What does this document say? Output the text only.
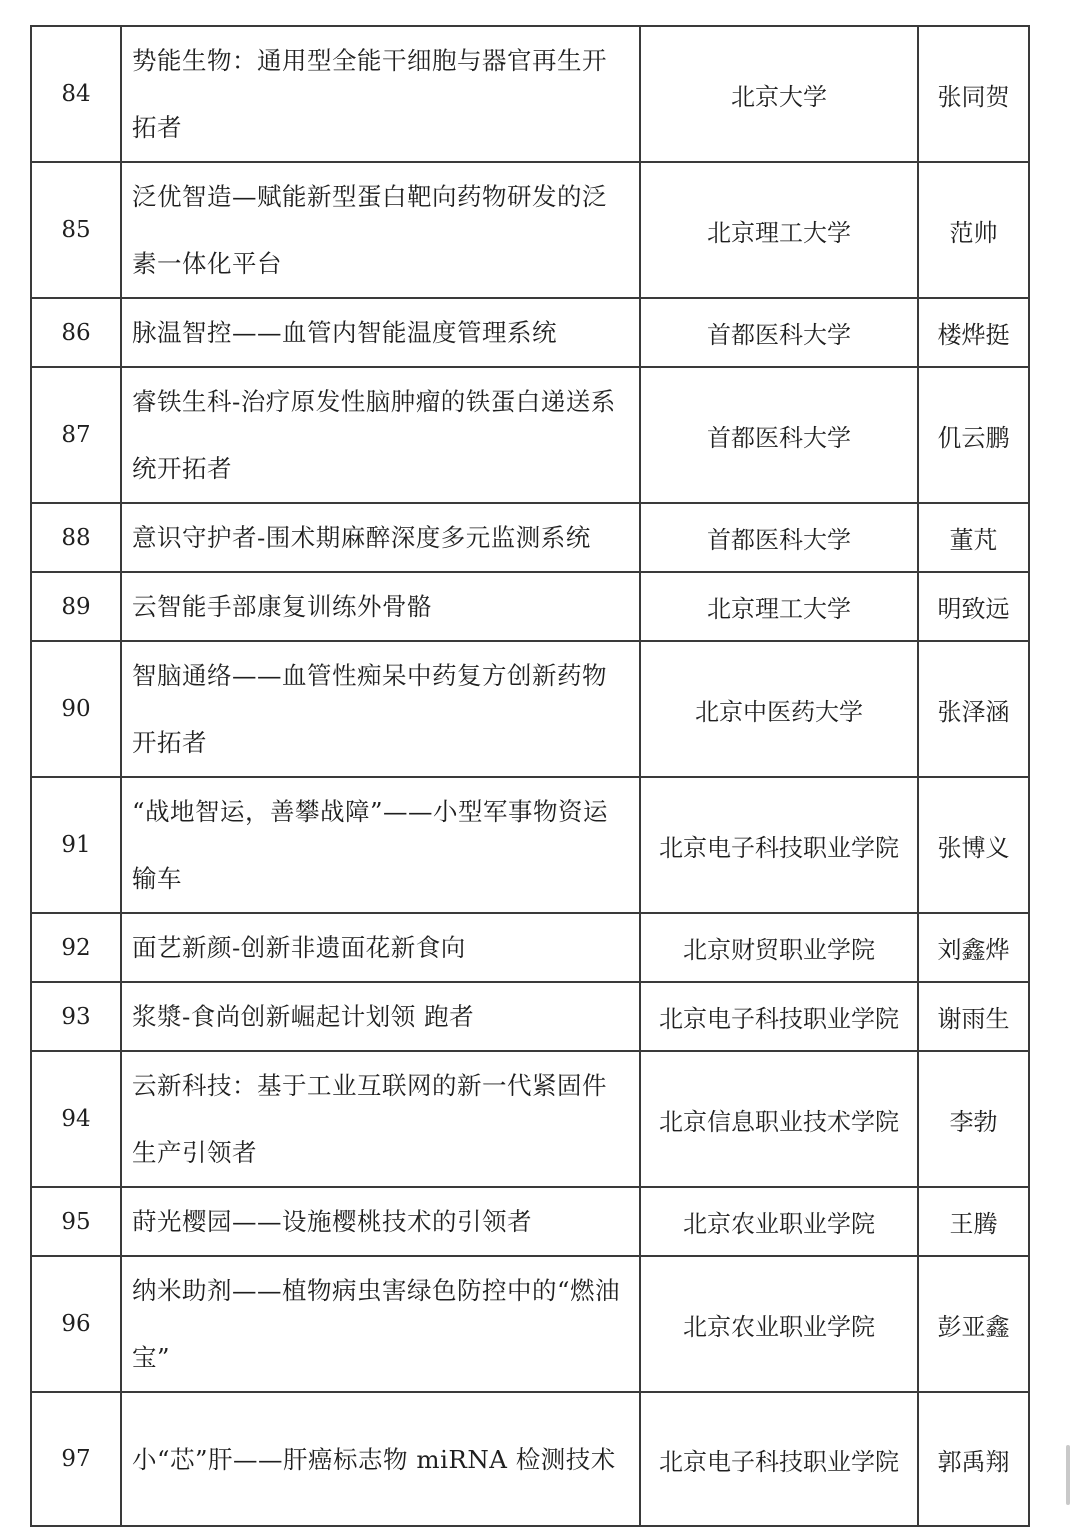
84	势能生物：通用型全能干细胞与器官再生开拓者	北京大学	张同贺
85	泛优智造—赋能新型蛋白靶向药物研发的泛素一体化平台	北京理工大学	范帅
86	脉温智控——血管内智能温度管理系统	首都医科大学	楼烨挺
87	睿铁生科-治疗原发性脑肿瘤的铁蛋白递送系统开拓者	首都医科大学	仉云鹏
88	意识守护者-围术期麻醉深度多元监测系统	首都医科大学	董芃
89	云智能手部康复训练外骨骼	北京理工大学	明致远
90	智脑通络——血管性痴呆中药复方创新药物开拓者	北京中医药大学	张泽涵
91	“战地智运，善攀战障”——小型军事物资运输车	北京电子科技职业学院	张博义
92	面艺新颜-创新非遗面花新食向	北京财贸职业学院	刘鑫烨
93	浆漿-食尚创新崛起计划领 跑者	北京电子科技职业学院	谢雨生
94	云新科技：基于工业互联网的新一代紧固件生产引领者	北京信息职业技术学院	李勃
95	莳光樱园——设施樱桃技术的引领者	北京农业职业学院	王腾
96	纳米助剂——植物病虫害绿色防控中的“燃油宝”	北京农业职业学院	彭亚鑫
97	小“芯”肝——肝癌标志物 miRNA 检测技术	北京电子科技职业学院	郭禹翔
